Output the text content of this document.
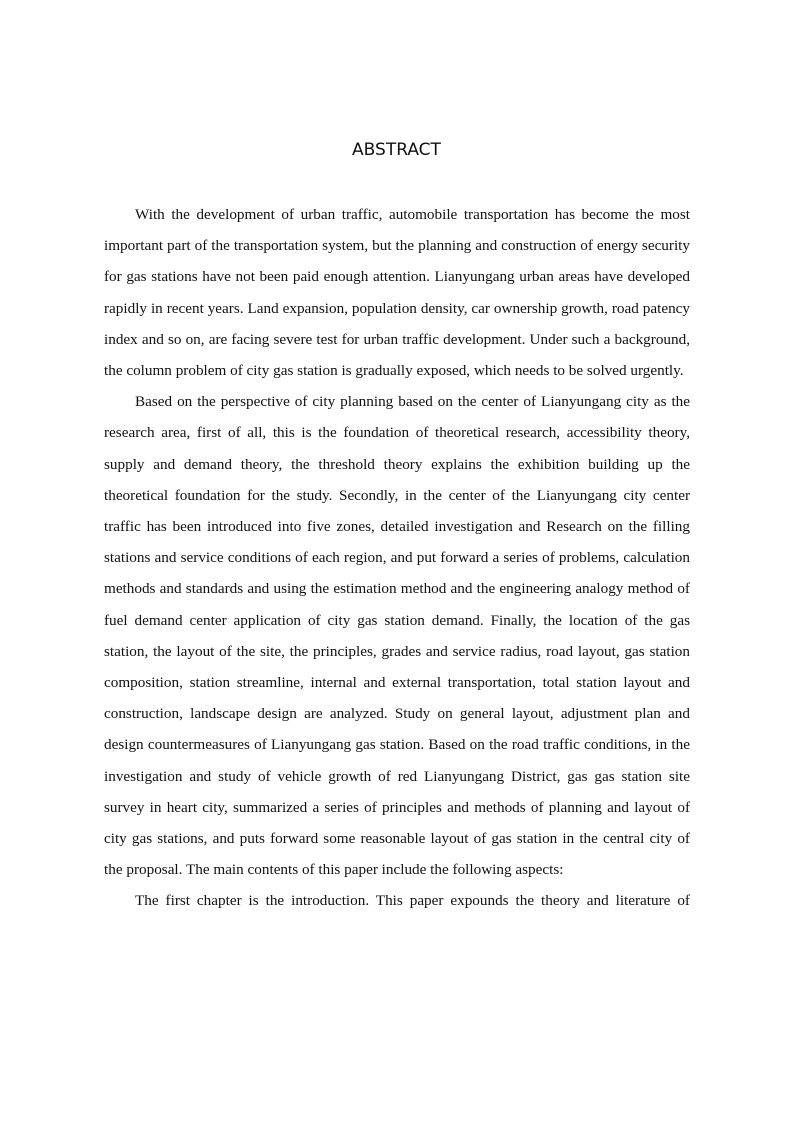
ABSTRACT

With the development of urban traffic, automobile transportation has become the most important part of the transportation system, but the planning and construction of energy security for gas stations have not been paid enough attention. Lianyungang urban areas have developed rapidly in recent years. Land expansion, population density, car ownership growth, road patency index and so on, are facing severe test for urban traffic development. Under such a background, the column problem of city gas station is gradually exposed, which needs to be solved urgently.

Based on the perspective of city planning based on the center of Lianyungang city as the research area, first of all, this is the foundation of theoretical research, accessibility theory, supply and demand theory, the threshold theory explains the exhibition building up the theoretical foundation for the study. Secondly, in the center of the Lianyungang city center traffic has been introduced into five zones, detailed investigation and Research on the filling stations and service conditions of each region, and put forward a series of problems, calculation methods and standards and using the estimation method and the engineering analogy method of fuel demand center application of city gas station demand. Finally, the location of the gas station, the layout of the site, the principles, grades and service radius, road layout, gas station composition, station streamline, internal and external transportation, total station layout and construction, landscape design are analyzed. Study on general layout, adjustment plan and design countermeasures of Lianyungang gas station. Based on the road traffic conditions, in the investigation and study of vehicle growth of red Lianyungang District, gas gas station site survey in heart city, summarized a series of principles and methods of planning and layout of city gas stations, and puts forward some reasonable layout of gas station in the central city of the proposal. The main contents of this paper include the following aspects:

The first chapter is the introduction. This paper expounds the theory and literature of
